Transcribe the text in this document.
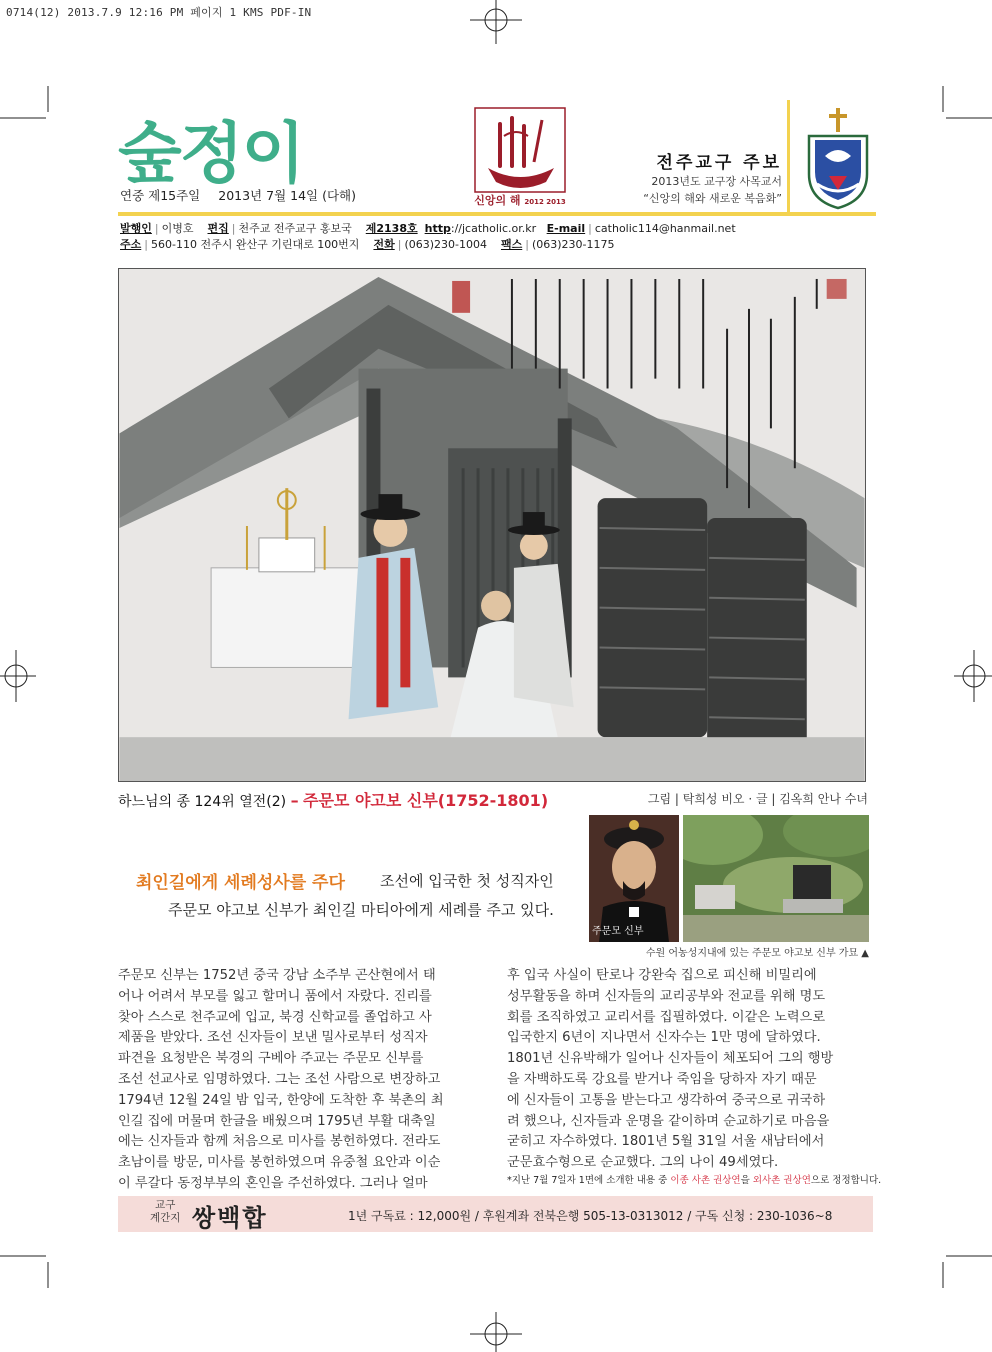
0714(12) 2013.7.9 12:16 PM 페이지 1 KMS PDF-IN
숲정이
연중 제15주일 2013년 7월 14일 (다해)	신앙의 해 2012 2013
전주교구 주보
2013년도 교구장 사목교서
“신앙의 해와 새로운 복음화”
발행인 | 이병호 편집 | 천주교 전주교구 홍보국 제2138호 http://jcatholic.or.kr E-mail | catholic114@hanmail.net
주소 | 560-110 전주시 완산구 기린대로 100번지 전화 | (063)230-1004 팩스 | (063)230-1175
하느님의 종 124위 열전(2) – 주문모 야고보 신부(1752-1801)	그림 | 탁희성 비오 · 글 | 김옥희 안나 수녀
최인길에게 세례성사를 주다 조선에 입국한 첫 성직자인
주문모 야고보 신부가 최인길 마티아에게 세례를 주고 있다.
주문모 신부
수원 어농성지내에 있는 주문모 야고보 신부 가묘 ▲

주문모 신부는 1752년 중국 강남 소주부 곤산현에서 태

어나 어려서 부모를 잃고 할머니 품에서 자랐다. 진리를

찾아 스스로 천주교에 입교, 북경 신학교를 졸업하고 사

제품을 받았다. 조선 신자들이 보낸 밀사로부터 성직자

파견을 요청받은 북경의 구베아 주교는 주문모 신부를

조선 선교사로 임명하였다. 그는 조선 사람으로 변장하고

1794년 12월 24일 밤 입국, 한양에 도착한 후 북촌의 최

인길 집에 머물며 한글을 배웠으며 1795년 부활 대축일

에는 신자들과 함께 처음으로 미사를 봉헌하였다. 전라도

초남이를 방문, 미사를 봉헌하였으며 유중철 요안과 이순

이 루갈다 동정부부의 혼인을 주선하였다. 그러나 얼마

후 입국 사실이 탄로나 강완숙 집으로 피신해 비밀리에

성무활동을 하며 신자들의 교리공부와 전교를 위해 명도

회를 조직하였고 교리서를 집필하였다. 이같은 노력으로

입국한지 6년이 지나면서 신자수는 1만 명에 달하였다.

1801년 신유박해가 일어나 신자들이 체포되어 그의 행방

을 자백하도록 강요를 받거나 죽임을 당하자 자기 때문

에 신자들이 고통을 받는다고 생각하여 중국으로 귀국하

려 했으나, 신자들과 운명을 같이하며 순교하기로 마음을

굳히고 자수하였다. 1801년 5월 31일 서울 새남터에서

군문효수형으로 순교했다. 그의 나이 49세였다.

*지난 7월 7일자 1면에 소개한 내용 중 이종 사촌 권상연을 외사촌 권상연으로 정정합니다.
교구
계간지 쌍백합	1년 구독료 : 12,000원 / 후원계좌 전북은행 505-13-0313012 / 구독 신청 : 230-1036~8
